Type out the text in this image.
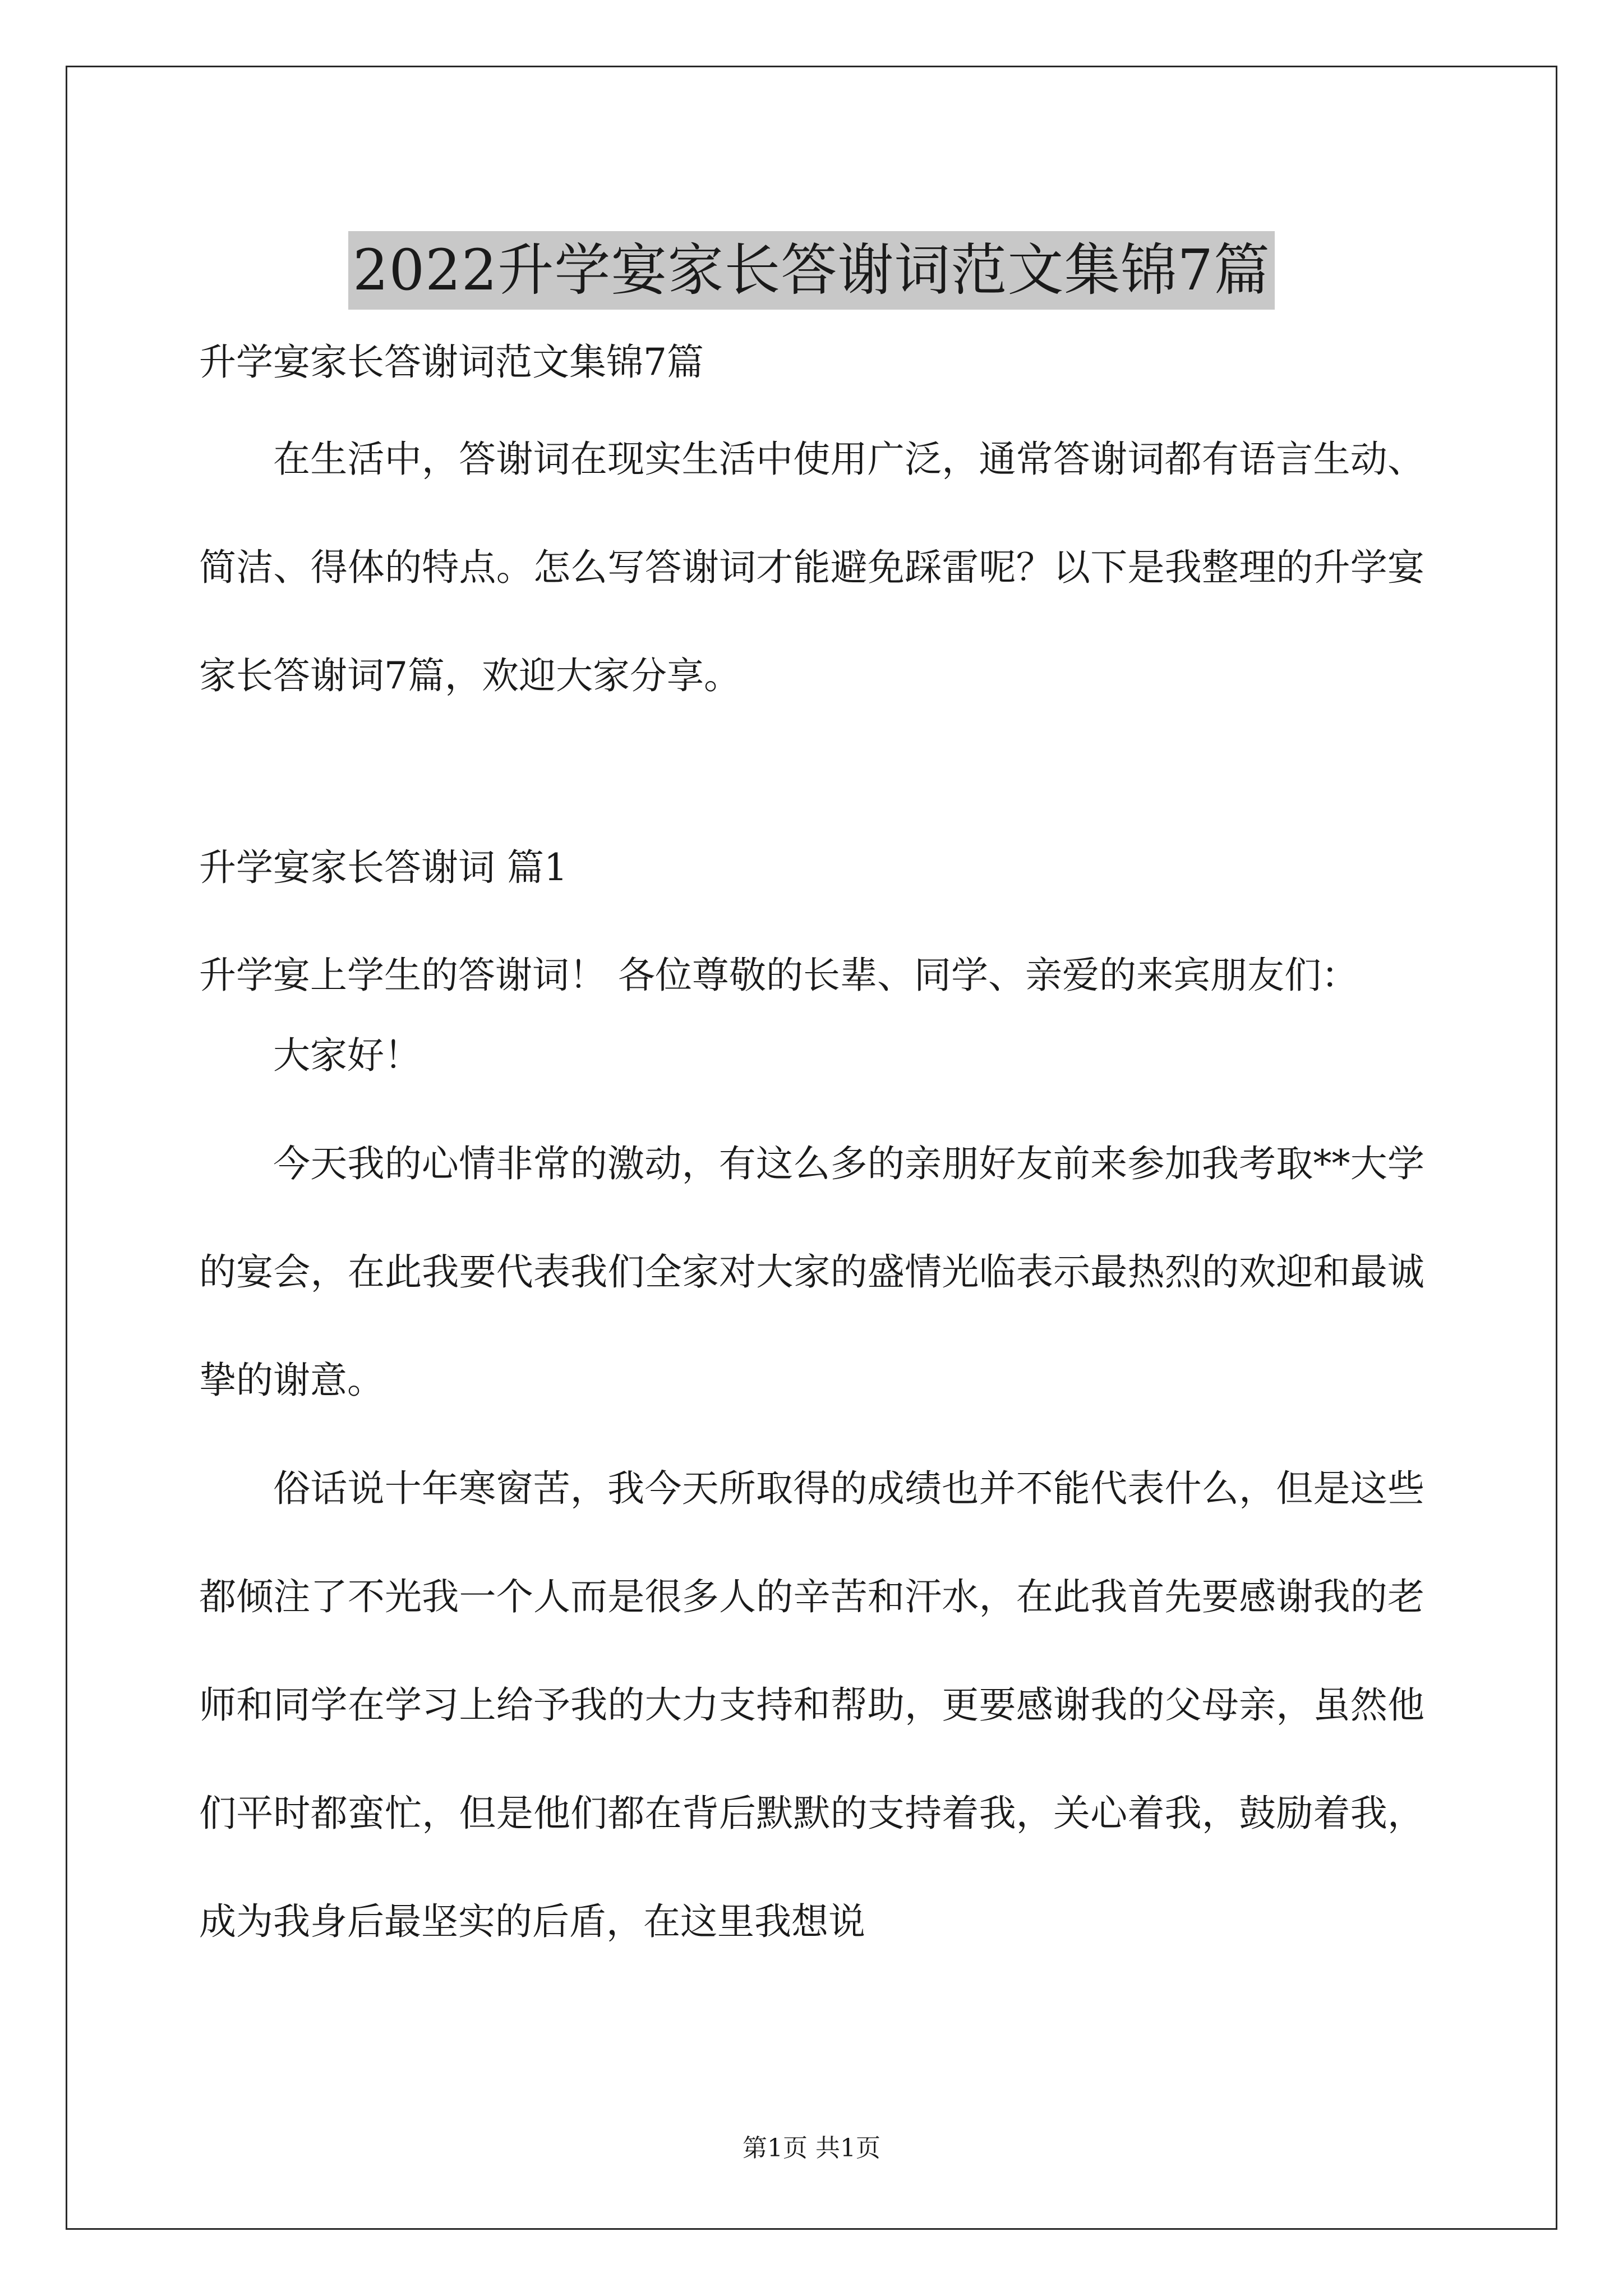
2022升学宴家长答谢词范文集锦7篇

升学宴家长答谢词范文集锦7篇

在生活中，答谢词在现实生活中使用广泛，通常答谢词都有语言生动、简洁、得体的特点。怎么写答谢词才能避免踩雷呢？以下是我整理的升学宴家长答谢词7篇，欢迎大家分享。

升学宴家长答谢词 篇1

升学宴上学生的答谢词！ 各位尊敬的长辈、同学、亲爱的来宾朋友们：

大家好！

今天我的心情非常的激动，有这么多的亲朋好友前来参加我考取**大学的宴会，在此我要代表我们全家对大家的盛情光临表示最热烈的欢迎和最诚挚的谢意。

俗话说十年寒窗苦，我今天所取得的成绩也并不能代表什么，但是这些都倾注了不光我一个人而是很多人的辛苦和汗水，在此我首先要感谢我的老师和同学在学习上给予我的大力支持和帮助，更要感谢我的父母亲，虽然他们平时都蛮忙，但是他们都在背后默默的支持着我，关心着我，鼓励着我，成为我身后最坚实的后盾，在这里我想说

第1页 共1页
